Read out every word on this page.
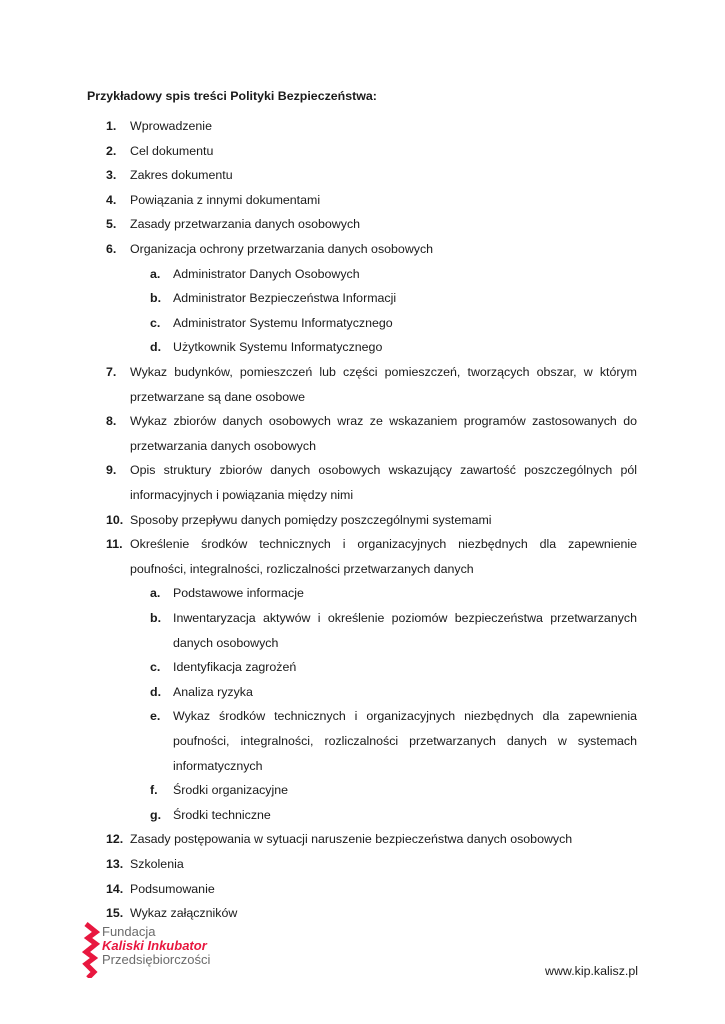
Przykładowy spis treści Polityki Bezpieczeństwa:
1.	Wprowadzenie
2.	Cel dokumentu
3.	Zakres dokumentu
4.	Powiązania z innymi dokumentami
5.	Zasady przetwarzania danych osobowych
6.	Organizacja ochrony przetwarzania danych osobowych
a.	Administrator Danych Osobowych
b. Administrator Bezpieczeństwa Informacji
c.	Administrator Systemu Informatycznego
d. Użytkownik Systemu Informatycznego
7.	Wykaz budynków, pomieszczeń lub części pomieszczeń, tworzących obszar, w którym przetwarzane są dane osobowe
8.	Wykaz zbiorów danych osobowych wraz ze wskazaniem programów zastosowanych do przetwarzania danych osobowych
9.	Opis struktury zbiorów danych osobowych wskazujący zawartość poszczególnych pól informacyjnych i powiązania między nimi
10. Sposoby przepływu danych pomiędzy poszczególnymi systemami
11. Określenie środków technicznych i organizacyjnych niezbędnych dla zapewnienie poufności, integralności, rozliczalności przetwarzanych danych
a.	Podstawowe informacje
b. Inwentaryzacja aktywów i określenie poziomów bezpieczeństwa przetwarzanych danych osobowych
c.	Identyfikacja zagrożeń
d. Analiza ryzyka
e.	Wykaz środków technicznych i organizacyjnych niezbędnych dla zapewnienia poufności, integralności, rozliczalności przetwarzanych danych w systemach informatycznych
f.	Środki organizacyjne
g. Środki techniczne
12. Zasady postępowania w sytuacji naruszenie bezpieczeństwa danych osobowych
13. Szkolenia
14. Podsumowanie
15. Wykaz załączników
Fundacja
Kaliski Inkubator
Przedsiębiorczości
www.kip.kalisz.pl
